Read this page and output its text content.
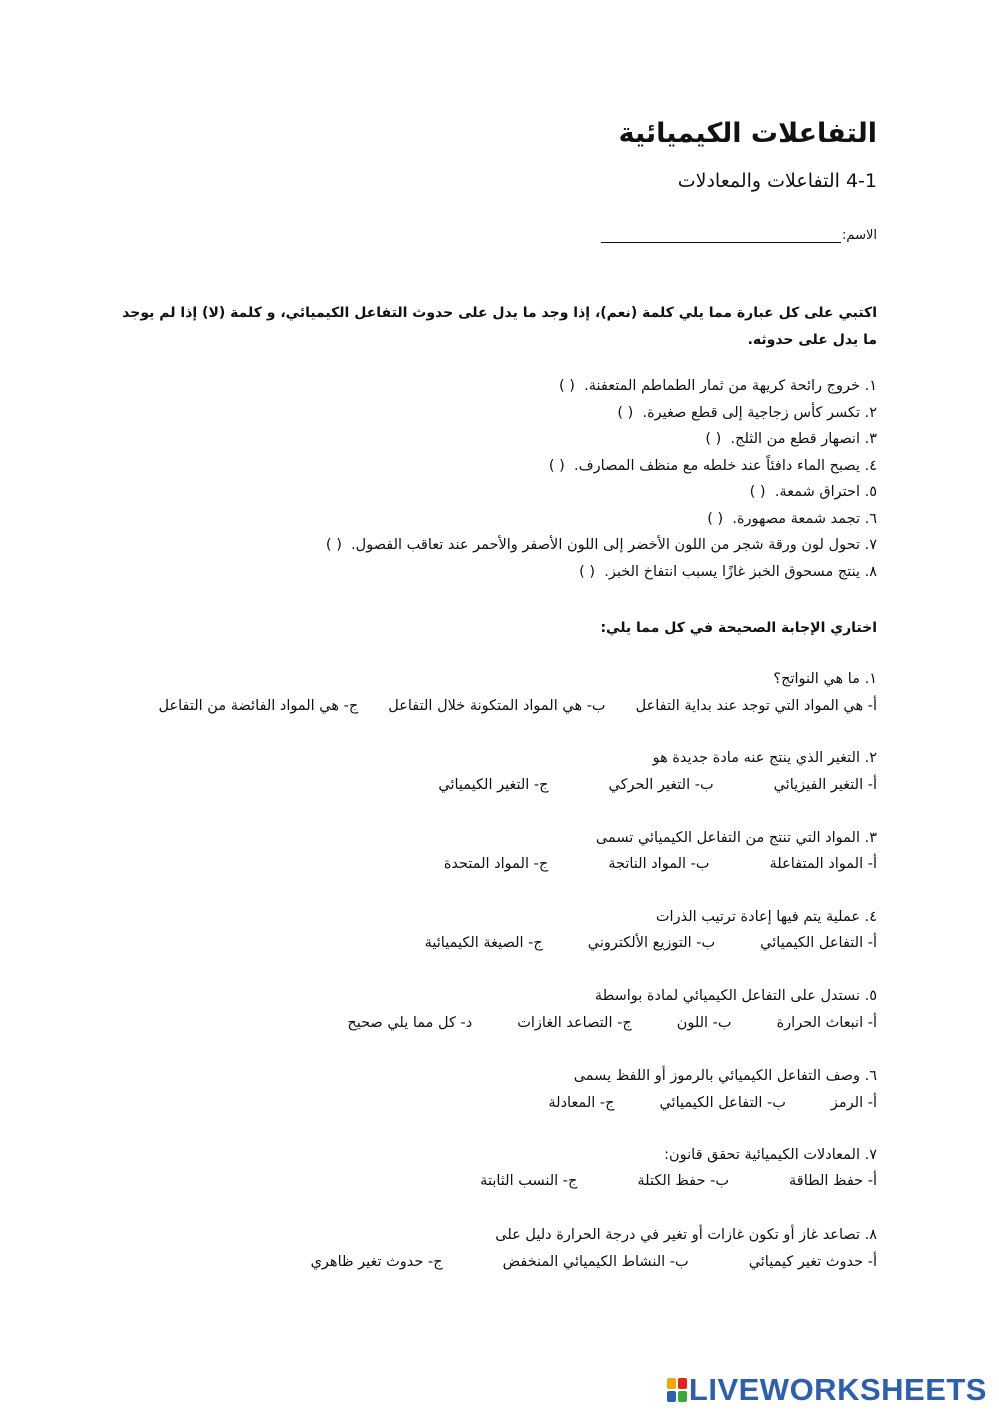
التفاعلات الكيميائية
4-1 التفاعلات والمعادلات
الاسم:
اكتبي على كل عبارة مما يلي كلمة (نعم)، إذا وجد ما يدل على حدوث التفاعل الكيميائي، و كلمة (لا) إذا لم يوجد ما يدل على حدوثه.
١. خروج رائحة كريهة من ثمار الطماطم المتعفنة.  ( )
٢. تكسر كأس زجاجية إلى قطع صغيرة.  ( )
٣. انصهار قطع من الثلج.  ( )
٤. يصبح الماء دافئاً عند خلطه مع منظف المصارف.  ( )
٥. احتراق شمعة.  ( )
٦. تجمد شمعة مصهورة.  ( )
٧. تحول لون ورقة شجر من اللون الأخضر إلى اللون الأصفر والأحمر عند تعاقب الفصول.  ( )
٨. ينتج مسحوق الخبز غازًا يسبب انتفاخ الخبز.  ( )
اختاري الإجابة الصحيحة في كل مما يلي:
١. ما هي النواتج؟
أ- هي المواد التي توجد عند بداية التفاعل
ب- هي المواد المتكونة خلال التفاعل
ج- هي المواد الفائضة من التفاعل
٢. التغير الذي ينتج عنه مادة جديدة هو
أ- التغير الفيزيائي
ب- التغير الحركي
ج- التغير الكيميائي
٣. المواد التي تنتج من التفاعل الكيميائي تسمى
أ- المواد المتفاعلة
ب- المواد الناتجة
ج- المواد المتحدة
٤. عملية يتم فيها إعادة ترتيب الذرات
أ- التفاعل الكيميائي
ب- التوزيع الألكتروني
ج- الصيغة الكيميائية
٥. نستدل على التفاعل الكيميائي لمادة بواسطة
أ- انبعاث الحرارة
ب- اللون
ج- التصاعد الغازات
د- كل مما يلي صحيح
٦. وصف التفاعل الكيميائي بالرموز أو اللفظ يسمى
أ- الرمز
ب- التفاعل الكيميائي
ج- المعادلة
٧. المعادلات الكيميائية تحقق قانون:
أ- حفظ الطاقة
ب- حفظ الكتلة
ج- النسب الثابتة
٨. تصاعد غاز أو تكون غازات أو تغير في درجة الحرارة دليل على
أ- حدوث تغير كيميائي
ب- النشاط الكيميائي المنخفض
ج- حدوث تغير ظاهري
LIVEWORKSHEETS
